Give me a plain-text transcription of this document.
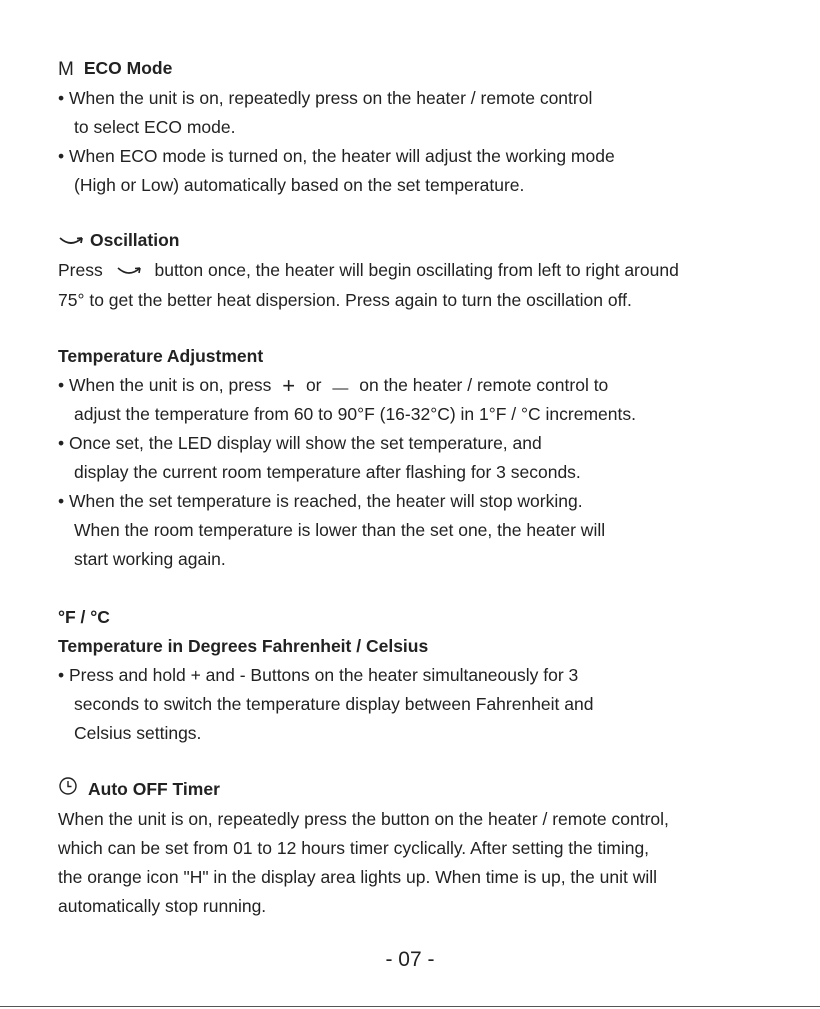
M ECO Mode
• When the unit is on, repeatedly press on the heater / remote control
to select ECO mode.
• When ECO mode is turned on, the heater will adjust the working mode
(High or Low) automatically based on the set temperature.
Oscillation
Press	button once, the heater will begin oscillating from left to right around
75° to get the better heat dispersion. Press again to turn the oscillation off.
Temperature Adjustment
• When the unit is on, press + or — on the heater / remote control to
adjust the temperature from 60 to 90°F (16-32°C) in 1°F / °C increments.
• Once set, the LED display will show the set temperature, and
display the current room temperature after flashing for 3 seconds.
• When the set temperature is reached, the heater will stop working.
When the room temperature is lower than the set one, the heater will
start working again.
°F / °C
Temperature in Degrees Fahrenheit / Celsius
• Press and hold + and - Buttons on the heater simultaneously for 3
seconds to switch the temperature display between Fahrenheit and
Celsius settings.
Auto OFF Timer
When the unit is on, repeatedly press the button on the heater / remote control,
which can be set from 01 to 12 hours timer cyclically. After setting the timing,
the orange icon "H" in the display area lights up. When time is up, the unit will
automatically stop running.
- 07 -
